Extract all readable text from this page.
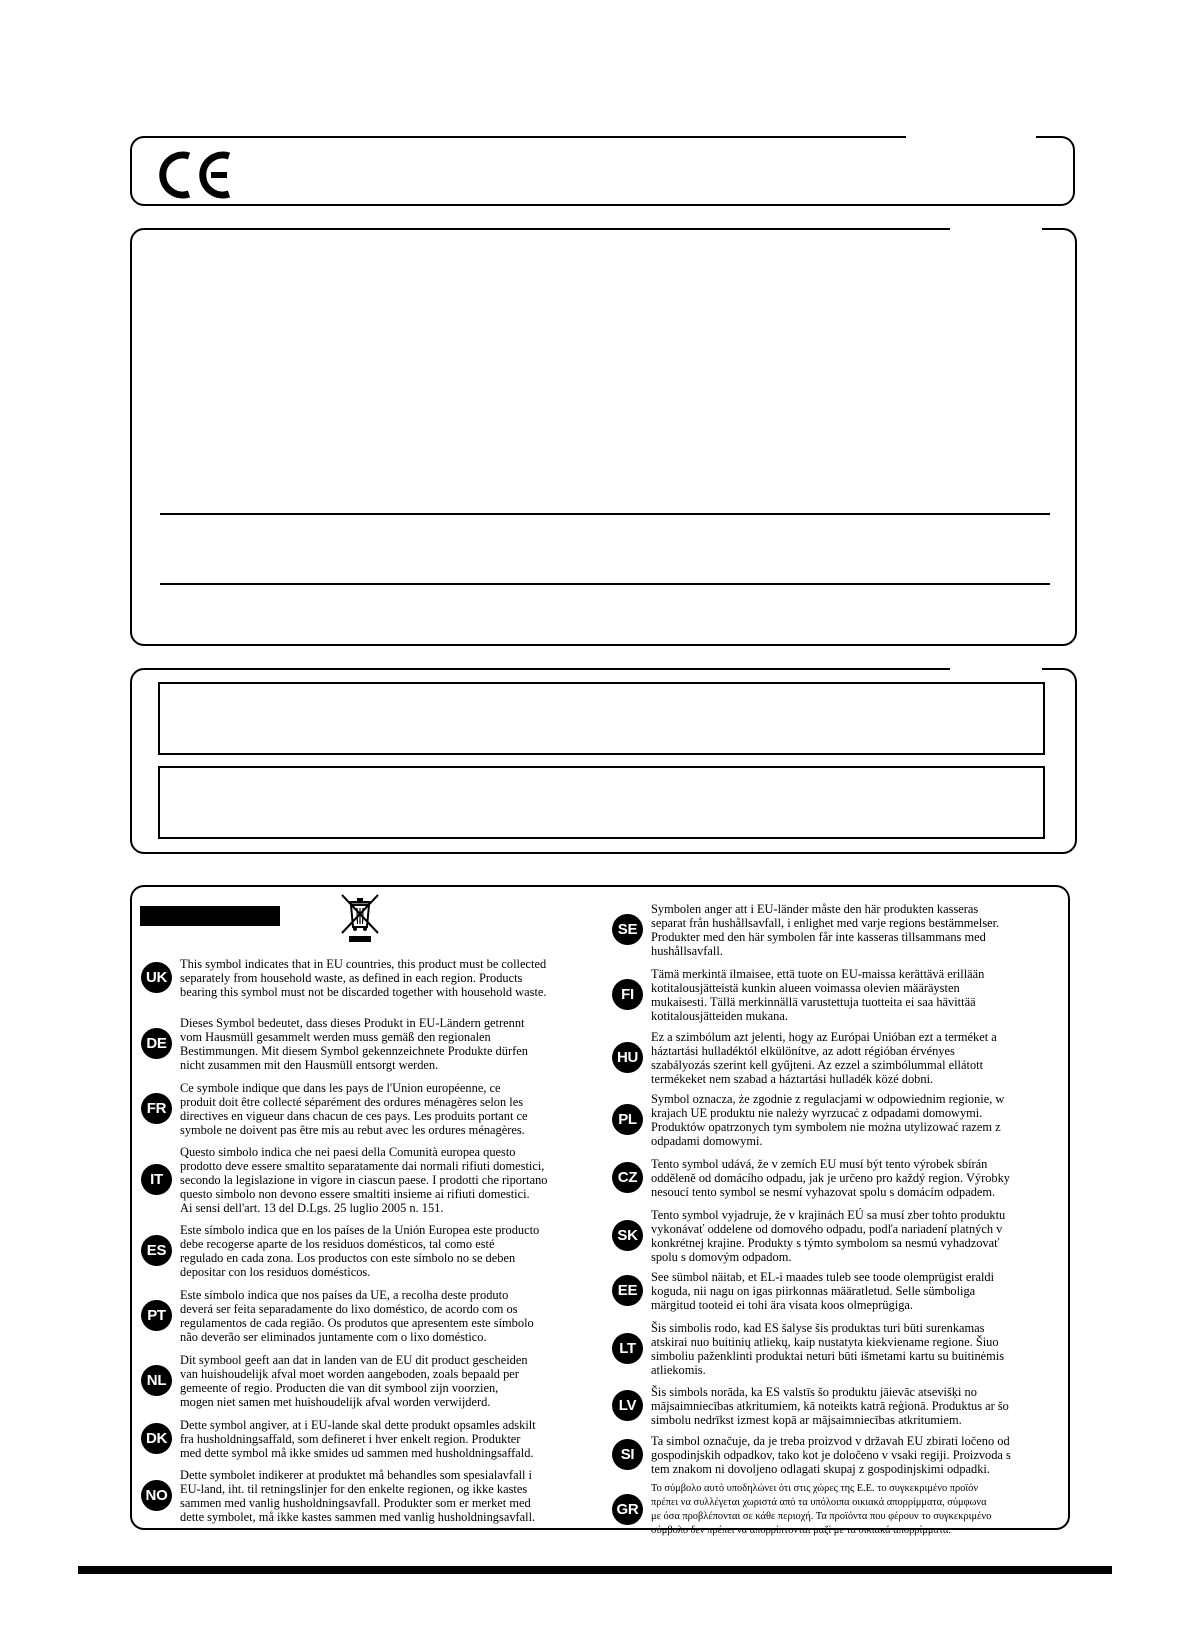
UK
This symbol indicates that in EU countries, this product must be collected
separately from household waste, as defined in each region. Products
bearing this symbol must not be discarded together with household waste.
DE
Dieses Symbol bedeutet, dass dieses Produkt in EU-Ländern getrennt
vom Hausmüll gesammelt werden muss gemäß den regionalen
Bestimmungen. Mit diesem Symbol gekennzeichnete Produkte dürfen
nicht zusammen mit den Hausmüll entsorgt werden.
FR
Ce symbole indique que dans les pays de l'Union européenne, ce
produit doit être collecté séparément des ordures ménagères selon les
directives en vigueur dans chacun de ces pays. Les produits portant ce
symbole ne doivent pas être mis au rebut avec les ordures ménagères.
IT
Questo simbolo indica che nei paesi della Comunità europea questo
prodotto deve essere smaltito separatamente dai normali rifiuti domestici,
secondo la legislazione in vigore in ciascun paese. I prodotti che riportano
questo simbolo non devono essere smaltiti insieme ai rifiuti domestici.
Ai sensi dell'art. 13 del D.Lgs. 25 luglio 2005 n. 151.
ES
Este símbolo indica que en los países de la Unión Europea este producto
debe recogerse aparte de los residuos domésticos, tal como esté
regulado en cada zona. Los productos con este símbolo no se deben
depositar con los residuos domésticos.
PT
Este símbolo indica que nos países da UE, a recolha deste produto
deverá ser feita separadamente do lixo doméstico, de acordo com os
regulamentos de cada região. Os produtos que apresentem este símbolo
não deverão ser eliminados juntamente com o lixo doméstico.
NL
Dit symbool geeft aan dat in landen van de EU dit product gescheiden
van huishoudelijk afval moet worden aangeboden, zoals bepaald per
gemeente of regio. Producten die van dit symbool zijn voorzien,
mogen niet samen met huishoudelijk afval worden verwijderd.
DK
Dette symbol angiver, at i EU-lande skal dette produkt opsamles adskilt
fra husholdningsaffald, som defineret i hver enkelt region. Produkter
med dette symbol må ikke smides ud sammen med husholdningsaffald.
NO
Dette symbolet indikerer at produktet må behandles som spesialavfall i
EU-land, iht. til retningslinjer for den enkelte regionen, og ikke kastes
sammen med vanlig husholdningsavfall. Produkter som er merket med
dette symbolet, må ikke kastes sammen med vanlig husholdningsavfall.
SE
Symbolen anger att i EU-länder måste den här produkten kasseras
separat från hushållsavfall, i enlighet med varje regions bestämmelser.
Produkter med den här symbolen får inte kasseras tillsammans med
hushållsavfall.
FI
Tämä merkintä ilmaisee, että tuote on EU-maissa kerättävä erillään
kotitalousjätteistä kunkin alueen voimassa olevien määräysten
mukaisesti. Tällä merkinnällä varustettuja tuotteita ei saa hävittää
kotitalousjätteiden mukana.
HU
Ez a szimbólum azt jelenti, hogy az Európai Unióban ezt a terméket a
háztartási hulladéktól elkülönítve, az adott régióban érvényes
szabályozás szerint kell gyűjteni. Az ezzel a szimbólummal ellátott
termékeket nem szabad a háztartási hulladék közé dobni.
PL
Symbol oznacza, że zgodnie z regulacjami w odpowiednim regionie, w
krajach UE produktu nie należy wyrzucać z odpadami domowymi.
Produktów opatrzonych tym symbolem nie można utylizować razem z
odpadami domowymi.
CZ
Tento symbol udává, že v zemích EU musí být tento výrobek sbírán
odděleně od domácího odpadu, jak je určeno pro každý region. Výrobky
nesoucí tento symbol se nesmí vyhazovat spolu s domácím odpadem.
SK
Tento symbol vyjadruje, že v krajinách EÚ sa musí zber tohto produktu
vykonávať oddelene od domového odpadu, podľa nariadení platných v
konkrétnej krajine. Produkty s týmto symbolom sa nesmú vyhadzovať
spolu s domovým odpadom.
EE
See sümbol näitab, et EL-i maades tuleb see toode olemprügist eraldi
koguda, nii nagu on igas piirkonnas määratletud. Selle sümboliga
märgitud tooteid ei tohi ära visata koos olmeprügiga.
LT
Šis simbolis rodo, kad ES šalyse šis produktas turi būti surenkamas
atskirai nuo buitinių atliekų, kaip nustatyta kiekviename regione. Šiuo
simboliu paženklinti produktai neturi būti išmetami kartu su buitinėmis
atliekomis.
LV
Šis simbols norāda, ka ES valstīs šo produktu jāievāc atsevišķi no
mājsaimniecības atkritumiem, kā noteikts katrā reģionā. Produktus ar šo
simbolu nedrīkst izmest kopā ar mājsaimniecības atkritumiem.
SI
Ta simbol označuje, da je treba proizvod v državah EU zbirati ločeno od
gospodinjskih odpadkov, tako kot je določeno v vsaki regiji. Proizvoda s
tem znakom ni dovoljeno odlagati skupaj z gospodinjskimi odpadki.
GR
Το σύμβολο αυτό υποδηλώνει ότι στις χώρες της Ε.Ε. το συγκεκριμένο προϊόν
πρέπει να συλλέγεται χωριστά από τα υπόλοιπα οικιακά απορρίμματα, σύμφωνα
με όσα προβλέπονται σε κάθε περιοχή. Τα προϊόντα που φέρουν το συγκεκριμένο
σύμβολο δεν πρέπει να απορρίπτονται μαζί με τα οικιακά απορρίμματα.
